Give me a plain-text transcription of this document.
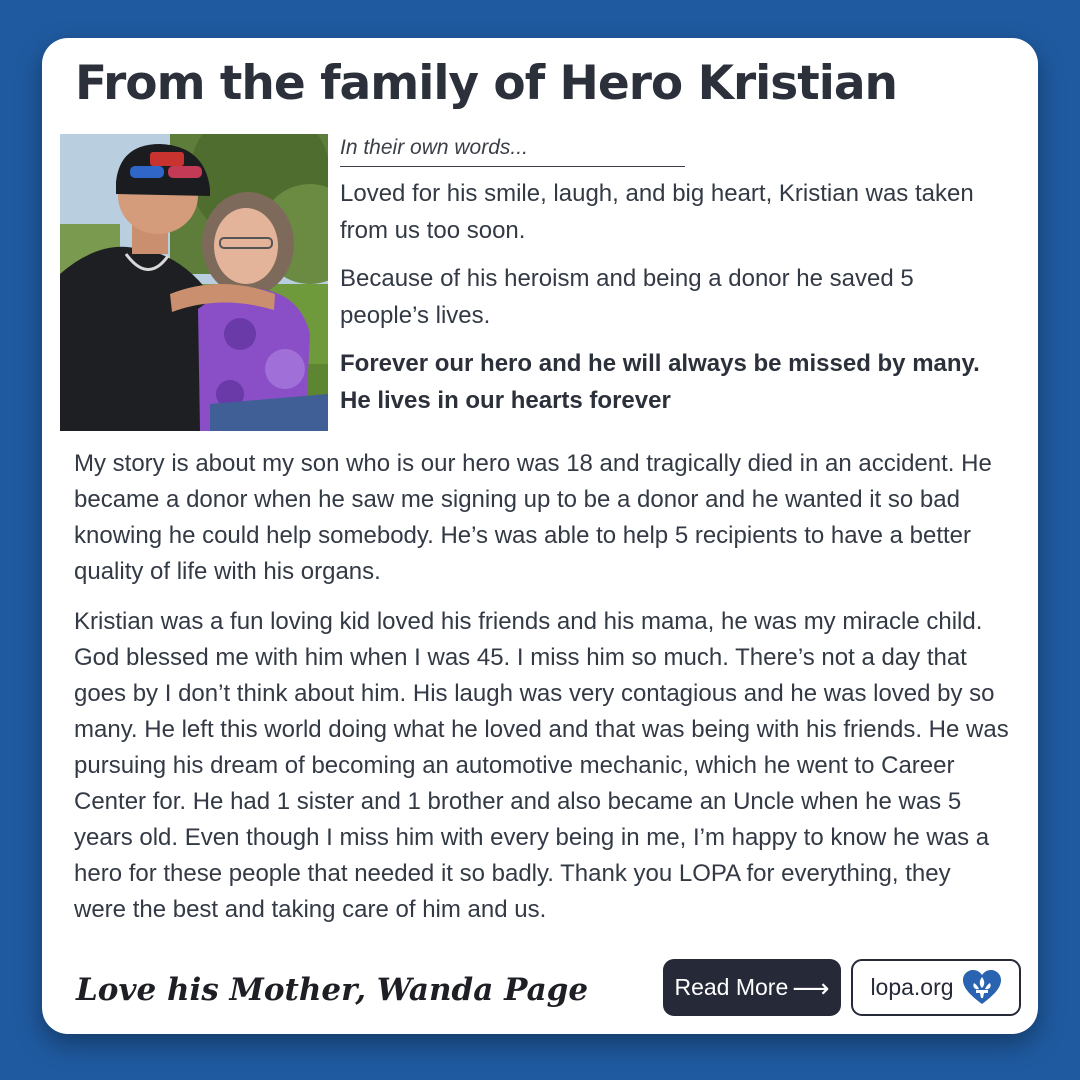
From the family of Hero Kristian
In their own words...

Loved for his smile, laugh, and big heart, Kristian was taken from us too soon.

Because of his heroism and being a donor he saved 5 people’s lives.

Forever our hero and he will always be missed by many. He lives in our hearts forever

My story is about my son who is our hero was 18 and tragically died in an accident. He became a donor when he saw me signing up to be a donor and he wanted it so bad knowing he could help somebody. He’s was able to help 5 recipients to have a better quality of life with his organs.

Kristian was a fun loving kid loved his friends and his mama, he was my miracle child. God blessed me with him when I was 45. I miss him so much. There’s not a day that goes by I don’t think about him. His laugh was very contagious and he was loved by so many. He left this world doing what he loved and that was being with his friends. He was pursuing his dream of becoming an automotive mechanic, which he went to Career Center for. He had 1 sister and 1 brother and also became an Uncle when he was 5 years old. Even though I miss him with every being in me, I’m happy to know he was a hero for these people that needed it so badly. Thank you LOPA for everything, they were the best and taking care of him and us.

Love his Mother, Wanda Page	Read More ⟶ lopa.org
